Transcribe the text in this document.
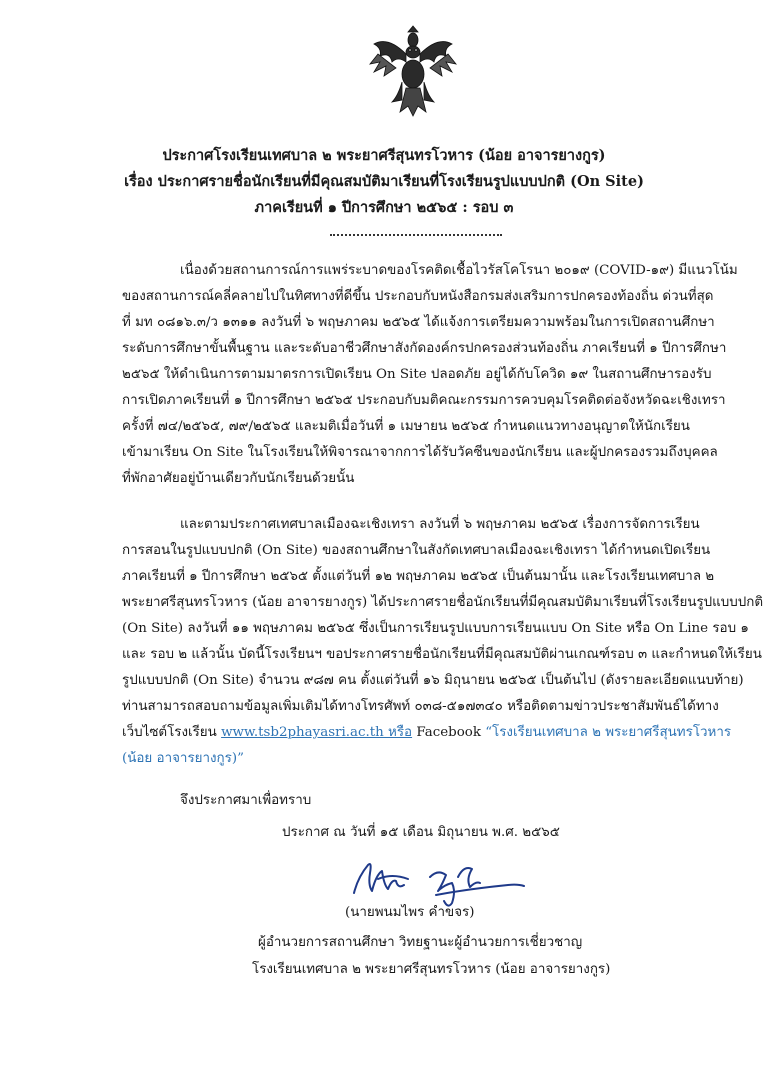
ประกาศโรงเรียนเทศบาล ๒ พระยาศรีสุนทรโวหาร (น้อย อาจารยางกูร)
เรื่อง ประกาศรายชื่อนักเรียนที่มีคุณสมบัติมาเรียนที่โรงเรียนรูปแบบปกติ (On Site)
ภาคเรียนที่ ๑ ปีการศึกษา ๒๕๖๕ : รอบ ๓
เนื่องด้วยสถานการณ์การแพร่ระบาดของโรคติดเชื้อไวรัสโคโรนา ๒๐๑๙ (COVID-๑๙) มีแนวโน้ม
ของสถานการณ์คลี่คลายไปในทิศทางที่ดีขึ้น ประกอบกับหนังสือกรมส่งเสริมการปกครองท้องถิ่น ด่วนที่สุด
ที่ มท ๐๘๑๖.๓/ว ๑๓๑๑ ลงวันที่ ๖ พฤษภาคม ๒๕๖๕ ได้แจ้งการเตรียมความพร้อมในการเปิดสถานศึกษา
ระดับการศึกษาขั้นพื้นฐาน และระดับอาชีวศึกษาสังกัดองค์กรปกครองส่วนท้องถิ่น ภาคเรียนที่ ๑ ปีการศึกษา
๒๕๖๕ ให้ดำเนินการตามมาตรการเปิดเรียน On Site ปลอดภัย อยู่ได้กับโควิด ๑๙ ในสถานศึกษารองรับ
การเปิดภาคเรียนที่ ๑ ปีการศึกษา ๒๕๖๕ ประกอบกับมติคณะกรรมการควบคุมโรคติดต่อจังหวัดฉะเชิงเทรา
ครั้งที่ ๗๔/๒๕๖๕, ๗๙/๒๕๖๕ และมติเมื่อวันที่ ๑ เมษายน ๒๕๖๕ กำหนดแนวทางอนุญาตให้นักเรียน
เข้ามาเรียน On Site ในโรงเรียนให้พิจารณาจากการได้รับวัคซีนของนักเรียน และผู้ปกครองรวมถึงบุคคล
ที่พักอาศัยอยู่บ้านเดียวกับนักเรียนด้วยนั้น
และตามประกาศเทศบาลเมืองฉะเชิงเทรา ลงวันที่ ๖ พฤษภาคม ๒๕๖๕ เรื่องการจัดการเรียน
การสอนในรูปแบบปกติ (On Site) ของสถานศึกษาในสังกัดเทศบาลเมืองฉะเชิงเทรา ได้กำหนดเปิดเรียน
ภาคเรียนที่ ๑ ปีการศึกษา ๒๕๖๕ ตั้งแต่วันที่ ๑๒ พฤษภาคม ๒๕๖๕ เป็นต้นมานั้น และโรงเรียนเทศบาล ๒
พระยาศรีสุนทรโวหาร (น้อย อาจารยางกูร) ได้ประกาศรายชื่อนักเรียนที่มีคุณสมบัติมาเรียนที่โรงเรียนรูปแบบปกติ
(On Site) ลงวันที่ ๑๑ พฤษภาคม ๒๕๖๕ ซึ่งเป็นการเรียนรูปแบบการเรียนแบบ On Site หรือ On Line รอบ ๑
และ รอบ ๒ แล้วนั้น บัดนี้โรงเรียนฯ ขอประกาศรายชื่อนักเรียนที่มีคุณสมบัติผ่านเกณฑ์รอบ ๓ และกำหนดให้เรียน
รูปแบบปกติ (On Site) จำนวน ๙๘๗ คน ตั้งแต่วันที่ ๑๖ มิถุนายน ๒๕๖๕ เป็นต้นไป (ดังรายละเอียดแนบท้าย)
ท่านสามารถสอบถามข้อมูลเพิ่มเติมได้ทางโทรศัพท์ ๐๓๘-๕๑๗๓๔๐ หรือติดตามข่าวประชาสัมพันธ์ได้ทาง
เว็บไซต์โรงเรียน www.tsb2phayasri.ac.th หรือ Facebook “โรงเรียนเทศบาล ๒ พระยาศรีสุนทรโวหาร
(น้อย อาจารยางกูร)”
จึงประกาศมาเพื่อทราบ
ประกาศ ณ วันที่ ๑๕ เดือน มิถุนายน พ.ศ. ๒๕๖๕
(นายพนมไพร คำขจร)
ผู้อำนวยการสถานศึกษา วิทยฐานะผู้อำนวยการเชี่ยวชาญ
โรงเรียนเทศบาล ๒ พระยาศรีสุนทรโวหาร (น้อย อาจารยางกูร)
